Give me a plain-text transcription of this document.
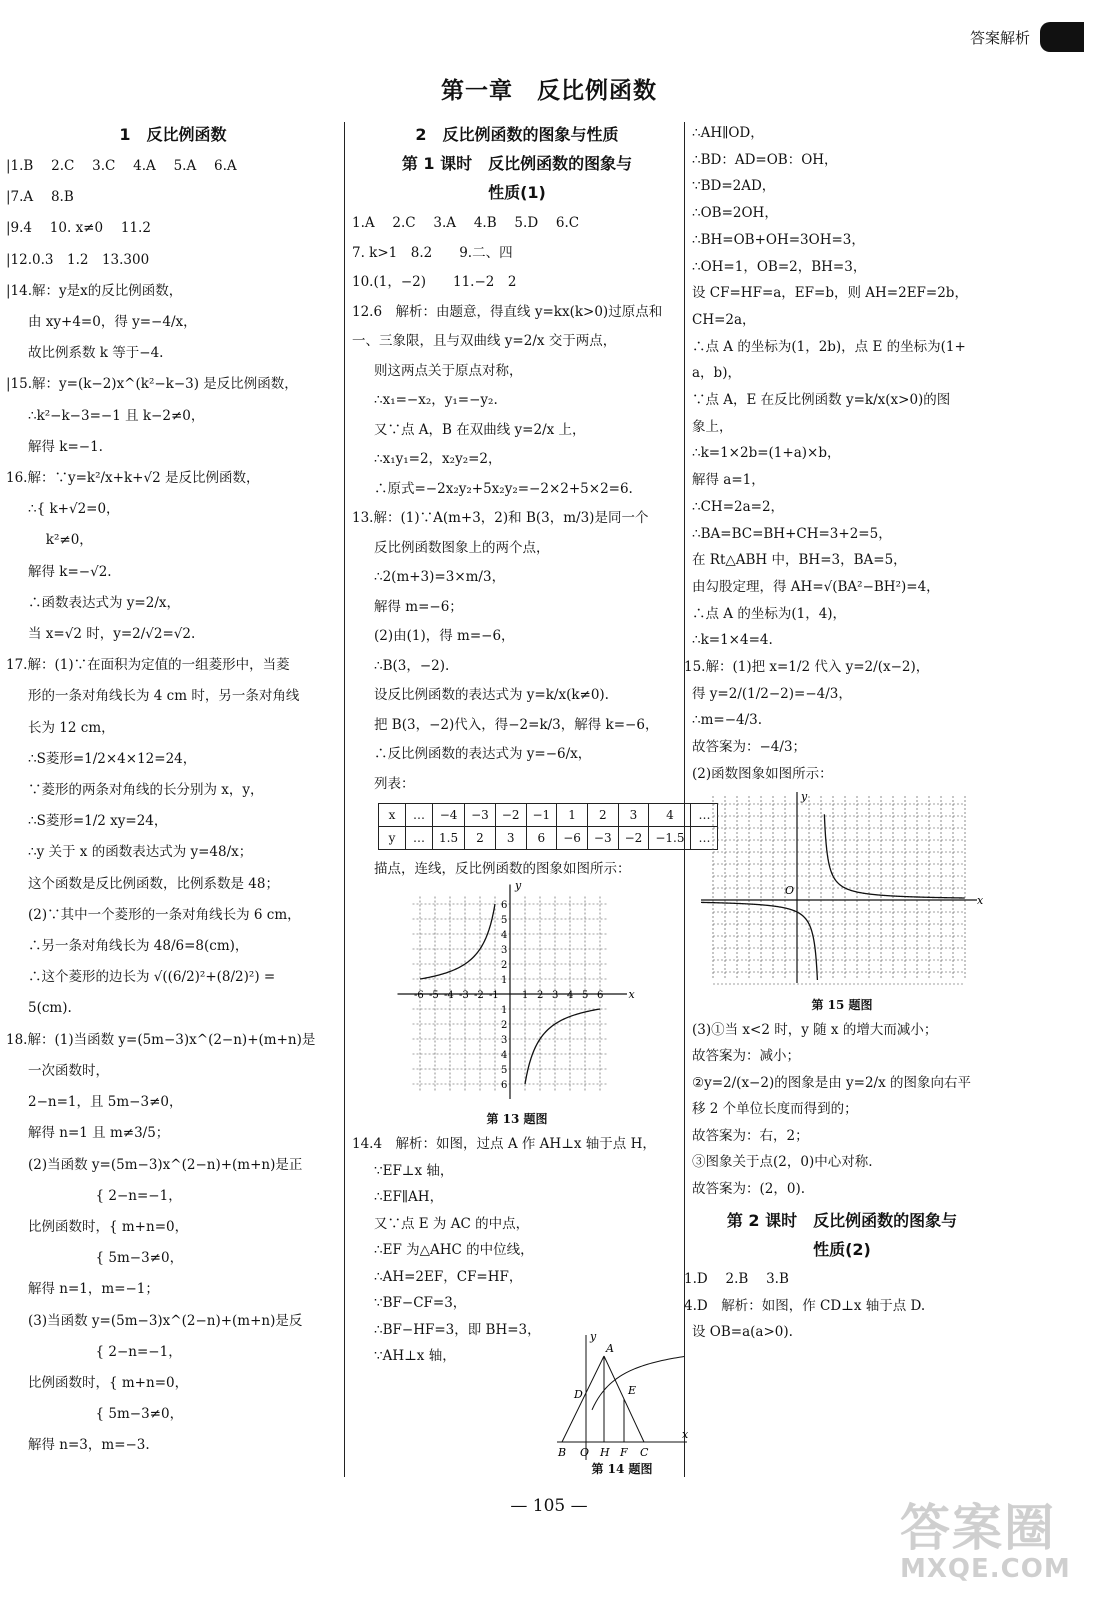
答案解析
第一章　反比例函数
1　反比例函数
|1.B　 2.C　 3.C　 4.A　 5.A　 6.A
|7.A　 8.B
|9.4　 10. x≠0　 11.2
|12.0.3　1.2　13.300
|14.解：y是x的反比例函数，
由 xy+4=0，得 y=−4/x，
故比例系数 k 等于−4.
|15.解：y=(k−2)x^(k²−k−3) 是反比例函数，
∴k²−k−3=−1 且 k−2≠0，
解得 k=−1.
16.解：∵y=k²/x+k+√2 是反比例函数，
∴{ k+√2=0，
　 k²≠0，
解得 k=−√2.
∴函数表达式为 y=2/x，
当 x=√2 时，y=2/√2=√2.
17.解：(1)∵在面积为定值的一组菱形中，当菱
形的一条对角线长为 4 cm 时，另一条对角线
长为 12 cm，
∴S菱形=1/2×4×12=24，
∵菱形的两条对角线的长分别为 x，y，
∴S菱形=1/2 xy=24，
∴y 关于 x 的函数表达式为 y=48/x；
这个函数是反比例函数，比例系数是 48；
(2)∵其中一个菱形的一条对角线长为 6 cm，
∴另一条对角线长为 48/6=8(cm)，
∴这个菱形的边长为 √((6/2)²+(8/2)²) =
5(cm).
18.解：(1)当函数 y=(5m−3)x^(2−n)+(m+n)是
一次函数时，
2−n=1，且 5m−3≠0，
解得 n=1 且 m≠3/5；
(2)当函数 y=(5m−3)x^(2−n)+(m+n)是正
　　　　　{ 2−n=−1，
比例函数时，{ m+n=0，
　　　　　{ 5m−3≠0，
解得 n=1，m=−1；
(3)当函数 y=(5m−3)x^(2−n)+(m+n)是反
　　　　　{ 2−n=−1，
比例函数时，{ m+n=0，
　　　　　{ 5m−3≠0，
解得 n=3，m=−3.
2　反比例函数的图象与性质
第 1 课时　反比例函数的图象与
性质(1)
1.A　 2.C　 3.A　 4.B　 5.D　 6.C
7. k>1　8.2　　9.二、四
10.(1，−2)　　11.−2　2
12.6　解析：由题意，得直线 y=kx(k>0)过原点和
一、三象限，且与双曲线 y=2/x 交于两点，
则这两点关于原点对称，
∴x₁=−x₂，y₁=−y₂.
又∵点 A，B 在双曲线 y=2/x 上，
∴x₁y₁=2，x₂y₂=2，
∴原式=−2x₂y₂+5x₂y₂=−2×2+5×2=6.
13.解：(1)∵A(m+3，2)和 B(3，m/3)是同一个
反比例函数图象上的两个点，
∴2(m+3)=3×m/3，
解得 m=−6；
(2)由(1)，得 m=−6，
∴B(3，−2).
设反比例函数的表达式为 y=k/x(k≠0).
把 B(3，−2)代入，得−2=k/3，解得 k=−6，
∴反比例函数的表达式为 y=−6/x，
列表：
x	…	−4	−3	−2	−1	1	2	3	4	…
y	…	1.5	2	3	6	−6	−3	−2	−1.5	…
描点，连线，反比例函数的图象如图所示：
x
y
-6 -5 -4 -3 -2 -1 1
1
1
2
2
2
3
3
3
4
4
4
5
5
5
6
6
6
第 13 题图
14.4　解析：如图，过点 A 作 AH⊥x 轴于点 H，
∵EF⊥x 轴，
∴EF∥AH，
又∵点 E 为 AC 的中点，
∴EF 为△AHC 的中位线，
∴AH=2EF，CF=HF，
∵BF−CF=3，
∴BF−HF=3，即 BH=3，
∵AH⊥x 轴，	A
D	E
B O H F C
x
y
第 14 题图
∴AH∥OD，
∴BD：AD=OB：OH，
∵BD=2AD，
∴OB=2OH，
∴BH=OB+OH=3OH=3，
∴OH=1，OB=2，BH=3，
设 CF=HF=a，EF=b，则 AH=2EF=2b，
CH=2a，
∴点 A 的坐标为(1，2b)，点 E 的坐标为(1+
a，b)，
∵点 A，E 在反比例函数 y=k/x(x>0)的图
象上，
∴k=1×2b=(1+a)×b，
解得 a=1，
∴CH=2a=2，
∴BA=BC=BH+CH=3+2=5，
在 Rt△ABH 中，BH=3，BA=5，
由勾股定理，得 AH=√(BA²−BH²)=4，
∴点 A 的坐标为(1，4)，
∴k=1×4=4.
15.解：(1)把 x=1/2 代入 y=2/(x−2)，
得 y=2/(1/2−2)=−4/3，
∴m=−4/3.
故答案为：−4/3；
(2)函数图象如图所示：
x
y
O
第 15 题图
(3)①当 x<2 时，y 随 x 的增大而减小；
故答案为：减小；
②y=2/(x−2)的图象是由 y=2/x 的图象向右平
移 2 个单位长度而得到的；
故答案为：右，2；
③图象关于点(2，0)中心对称.
故答案为：(2，0).
第 2 课时　反比例函数的图象与
性质(2)
1.D　 2.B　 3.B
4.D　解析：如图，作 CD⊥x 轴于点 D.
设 OB=a(a>0).
— 105 —	答案圈
MXQE.COM
